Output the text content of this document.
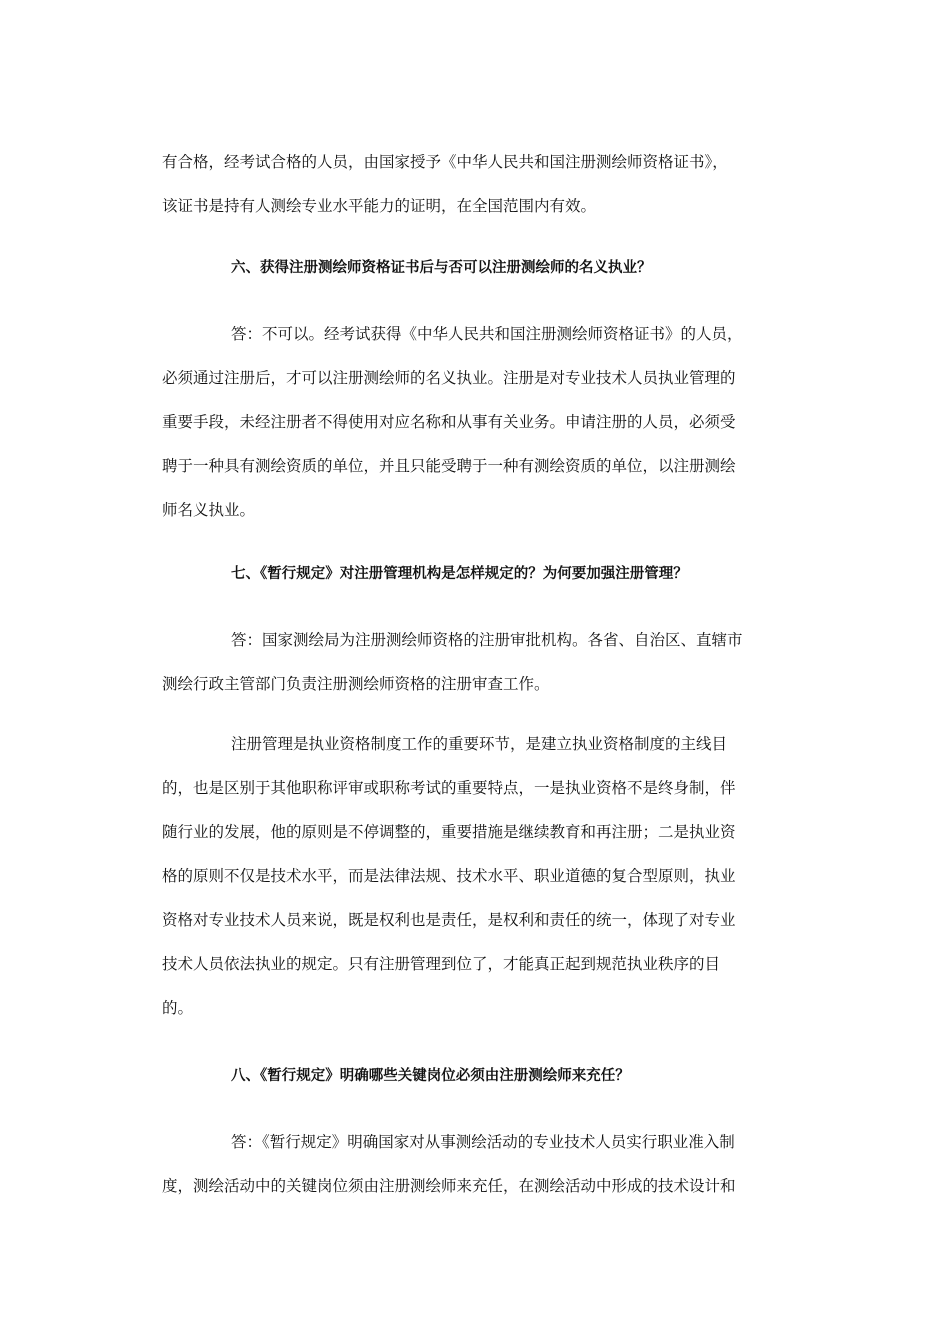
有合格，经考试合格的人员，由国家授予《中华人民共和国注册测绘师资格证书》，
该证书是持有人测绘专业水平能力的证明，在全国范围内有效。
六、获得注册测绘师资格证书后与否可以注册测绘师的名义执业？
答：不可以。经考试获得《中华人民共和国注册测绘师资格证书》的人员，
必须通过注册后，才可以注册测绘师的名义执业。注册是对专业技术人员执业管理的
重要手段，未经注册者不得使用对应名称和从事有关业务。申请注册的人员，必须受
聘于一种具有测绘资质的单位，并且只能受聘于一种有测绘资质的单位，以注册测绘
师名义执业。
七、《暂行规定》对注册管理机构是怎样规定的？为何要加强注册管理？
答：国家测绘局为注册测绘师资格的注册审批机构。各省、自治区、直辖市
测绘行政主管部门负责注册测绘师资格的注册审查工作。
注册管理是执业资格制度工作的重要环节，是建立执业资格制度的主线目
的，也是区别于其他职称评审或职称考试的重要特点，一是执业资格不是终身制，伴
随行业的发展，他的原则是不停调整的，重要措施是继续教育和再注册；二是执业资
格的原则不仅是技术水平，而是法律法规、技术水平、职业道德的复合型原则，执业
资格对专业技术人员来说，既是权利也是责任，是权利和责任的统一，体现了对专业
技术人员依法执业的规定。只有注册管理到位了，才能真正起到规范执业秩序的目
的。
八、《暂行规定》明确哪些关键岗位必须由注册测绘师来充任？
答：《暂行规定》明确国家对从事测绘活动的专业技术人员实行职业准入制
度，测绘活动中的关键岗位须由注册测绘师来充任，在测绘活动中形成的技术设计和
